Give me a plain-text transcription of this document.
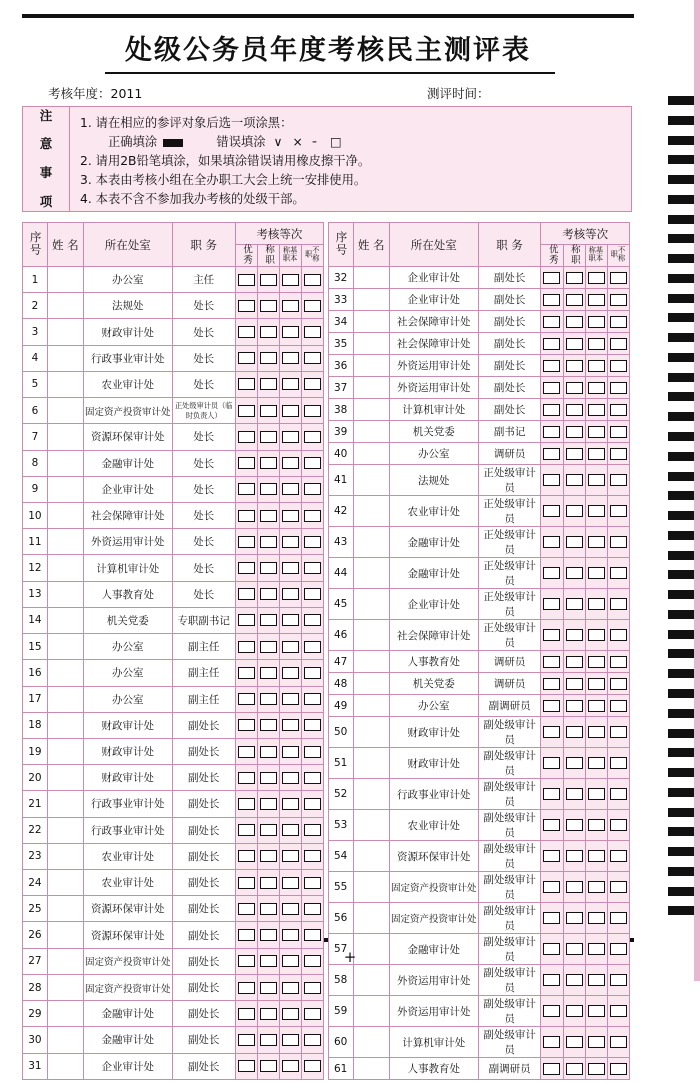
处级公务员年度考核民主测评表
考核年度：2011	测评时间：
注

意

事

项
1. 请在相应的参评对象后选一项涂黑：
正确填涂	错误填涂 ∨ × ╴ □
2. 请用2B铅笔填涂，如果填涂错误请用橡皮擦干净。
3. 本表由考核小组在全办职工大会上统一安排使用。
4. 本表不含不参加我办考核的处级干部。
序号	姓 名	所在处室	职 务	考核等次			
				优秀	称职	基本称职	不称职
1		办公室	主任	

2		法规处	处长	

3		财政审计处	处长	

4		行政事业审计处	处长	

5		农业审计处	处长	

6		固定资产投资审计处	正处级审计员（临时负责人）	

7		资源环保审计处	处长	

8		金融审计处	处长	

9		企业审计处	处长	

10		社会保障审计处	处长	

11		外资运用审计处	处长	

12		计算机审计处	处长	

13		人事教育处	处长	

14		机关党委	专职副书记	

15		办公室	副主任	

16		办公室	副主任	

17		办公室	副主任	

18		财政审计处	副处长	

19		财政审计处	副处长	

20		财政审计处	副处长	

21		行政事业审计处	副处长	

22		行政事业审计处	副处长	

23		农业审计处	副处长	

24		农业审计处	副处长	

25		资源环保审计处	副处长	

26		资源环保审计处	副处长	

27		固定资产投资审计处	副处长	

28		固定资产投资审计处	副处长	

29		金融审计处	副处长	

30		金融审计处	副处长	

31		企业审计处	副处长	

序号	姓 名	所在处室	职 务	考核等次			
				优秀	称职	基本称职	不称职
32		企业审计处	副处长	

33		企业审计处	副处长	

34		社会保障审计处	副处长	

35		社会保障审计处	副处长	

36		外资运用审计处	副处长	

37		外资运用审计处	副处长	

38		计算机审计处	副处长	

39		机关党委	副书记	

40		办公室	调研员	

41		法规处	正处级审计员	

42		农业审计处	正处级审计员	

43		金融审计处	正处级审计员	

44		金融审计处	正处级审计员	

45		企业审计处	正处级审计员	

46		社会保障审计处	正处级审计员	

47		人事教育处	调研员	

48		机关党委	调研员	

49		办公室	副调研员	

50		财政审计处	副处级审计员	

51		财政审计处	副处级审计员	

52		行政事业审计处	副处级审计员	

53		农业审计处	副处级审计员	

54		资源环保审计处	副处级审计员	

55		固定资产投资审计处	副处级审计员	

56		固定资产投资审计处	副处级审计员	

57		金融审计处	副处级审计员	

58		外资运用审计处	副处级审计员	

59		外资运用审计处	副处级审计员	

60		计算机审计处	副处级审计员	

61		人事教育处	副调研员	

+
